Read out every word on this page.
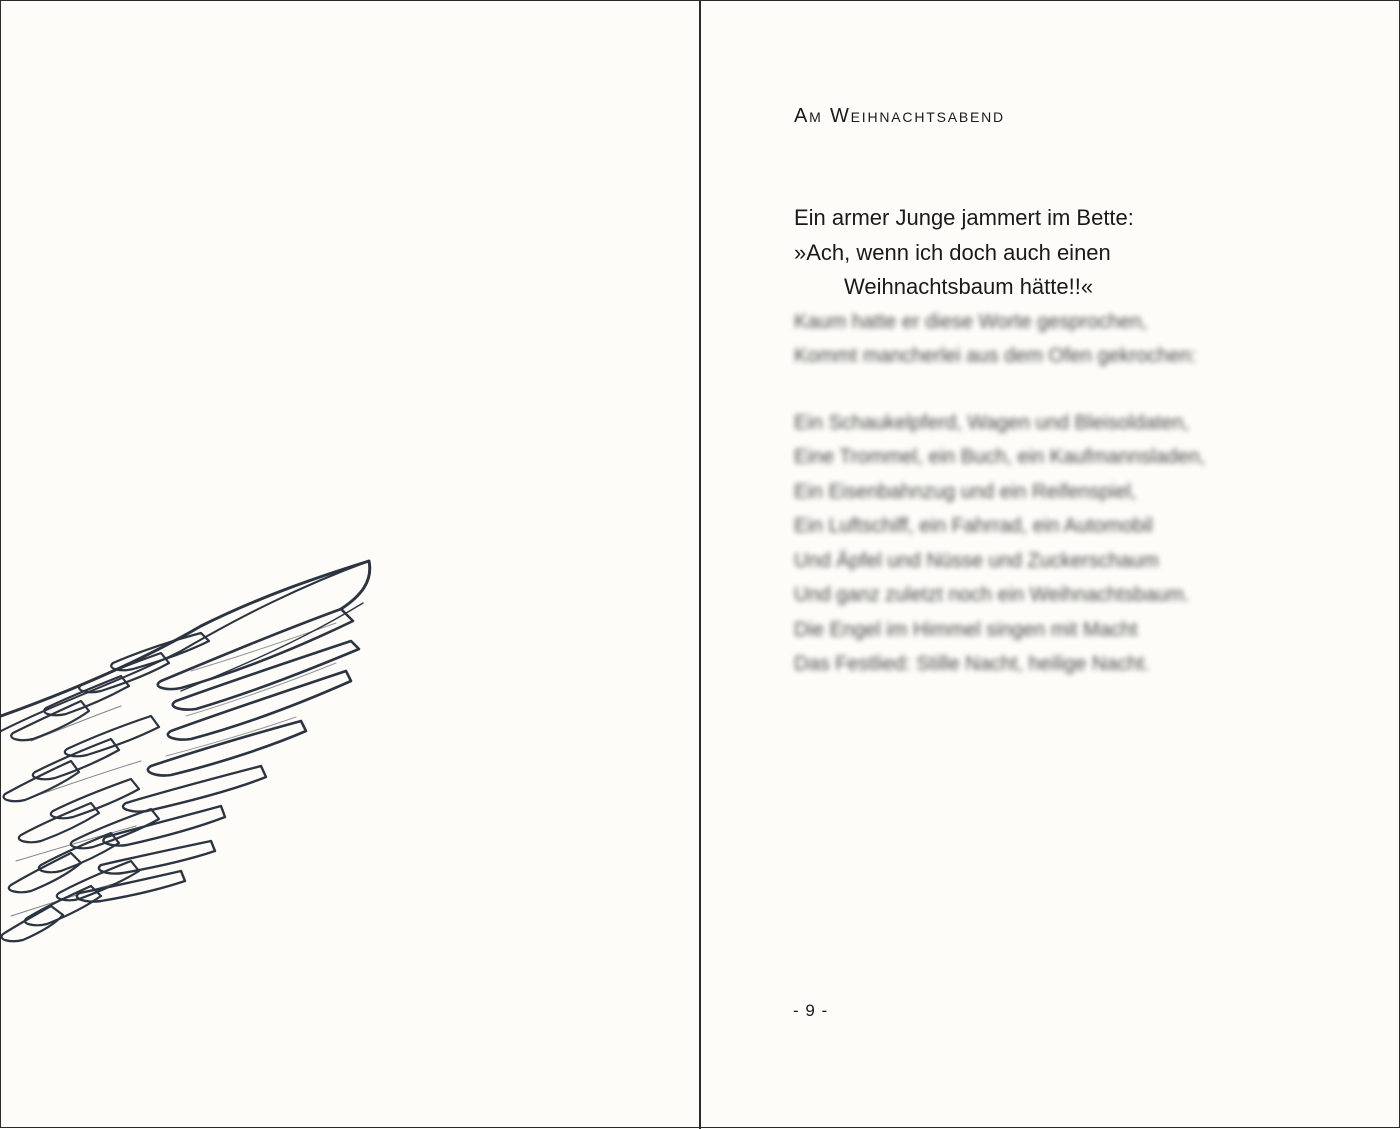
Am Weihnachtsabend
Ein armer Junge jammert im Bette:
»Ach, wenn ich doch auch einen
Weihnachtsbaum hätte!!«
Kaum hatte er diese Worte gesprochen,
Kommt mancherlei aus dem Ofen gekrochen:
Ein Schaukelpferd, Wagen und Bleisoldaten,
Eine Trommel, ein Buch, ein Kaufmannsladen,
Ein Eisenbahnzug und ein Reifenspiel,
Ein Luftschiff, ein Fahrrad, ein Automobil
Und Äpfel und Nüsse und Zuckerschaum
Und ganz zuletzt noch ein Weihnachtsbaum.
Die Engel im Himmel singen mit Macht
Das Festlied: Stille Nacht, heilige Nacht.
- 9 -
